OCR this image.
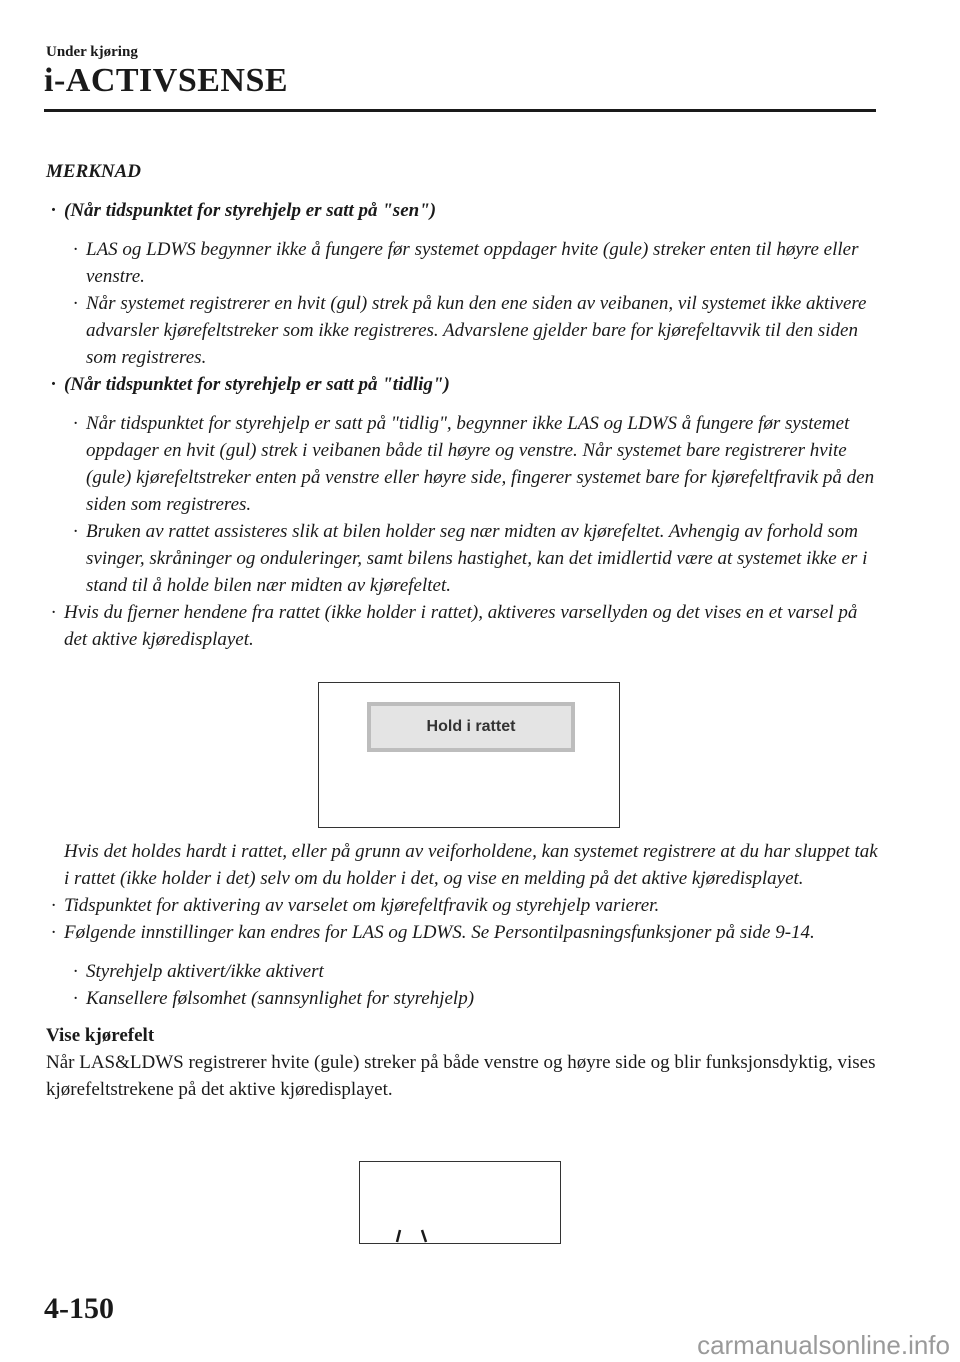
Under kjøring
i-ACTIVSENSE
MERKNAD

· (Når tidspunktet for styrehjelp er satt på "sen")

· LAS og LDWS begynner ikke å fungere før systemet oppdager hvite (gule) streker enten til høyre eller venstre.

· Når systemet registrerer en hvit (gul) strek på kun den ene siden av veibanen, vil systemet ikke aktivere advarsler kjørefeltstreker som ikke registreres. Advarslene gjelder bare for kjørefeltavvik til den siden som registreres.

· (Når tidspunktet for styrehjelp er satt på "tidlig")

· Når tidspunktet for styrehjelp er satt på "tidlig", begynner ikke LAS og LDWS å fungere før systemet oppdager en hvit (gul) strek i veibanen både til høyre og venstre. Når systemet bare registrerer hvite (gule) kjørefeltstreker enten på venstre eller høyre side, fingerer systemet bare for kjørefeltfravik på den siden som registreres.

· Bruken av rattet assisteres slik at bilen holder seg nær midten av kjørefeltet. Avhengig av forhold som svinger, skråninger og onduleringer, samt bilens hastighet, kan det imidlertid være at systemet ikke er i stand til å holde bilen nær midten av kjørefeltet.

· Hvis du fjerner hendene fra rattet (ikke holder i rattet), aktiveres varsellyden og det vises en et varsel på det aktive kjøredisplayet.

Hold i rattet

Hvis det holdes hardt i rattet, eller på grunn av veiforholdene, kan systemet registrere at du har sluppet tak i rattet (ikke holder i det) selv om du holder i det, og vise en melding på det aktive kjøredisplayet.

· Tidspunktet for aktivering av varselet om kjørefeltfravik og styrehjelp varierer.

· Følgende innstillinger kan endres for LAS og LDWS. Se Persontilpasningsfunksjoner på side 9-14.

· Styrehjelp aktivert/ikke aktivert

· Kansellere følsomhet (sannsynlighet for styrehjelp)

Vise kjørefelt

Når LAS&LDWS registrerer hvite (gule) streker på både venstre og høyre side og blir funksjonsdyktig, vises kjørefeltstrekene på det aktive kjøredisplayet.

4-150
carmanualsonline.info
